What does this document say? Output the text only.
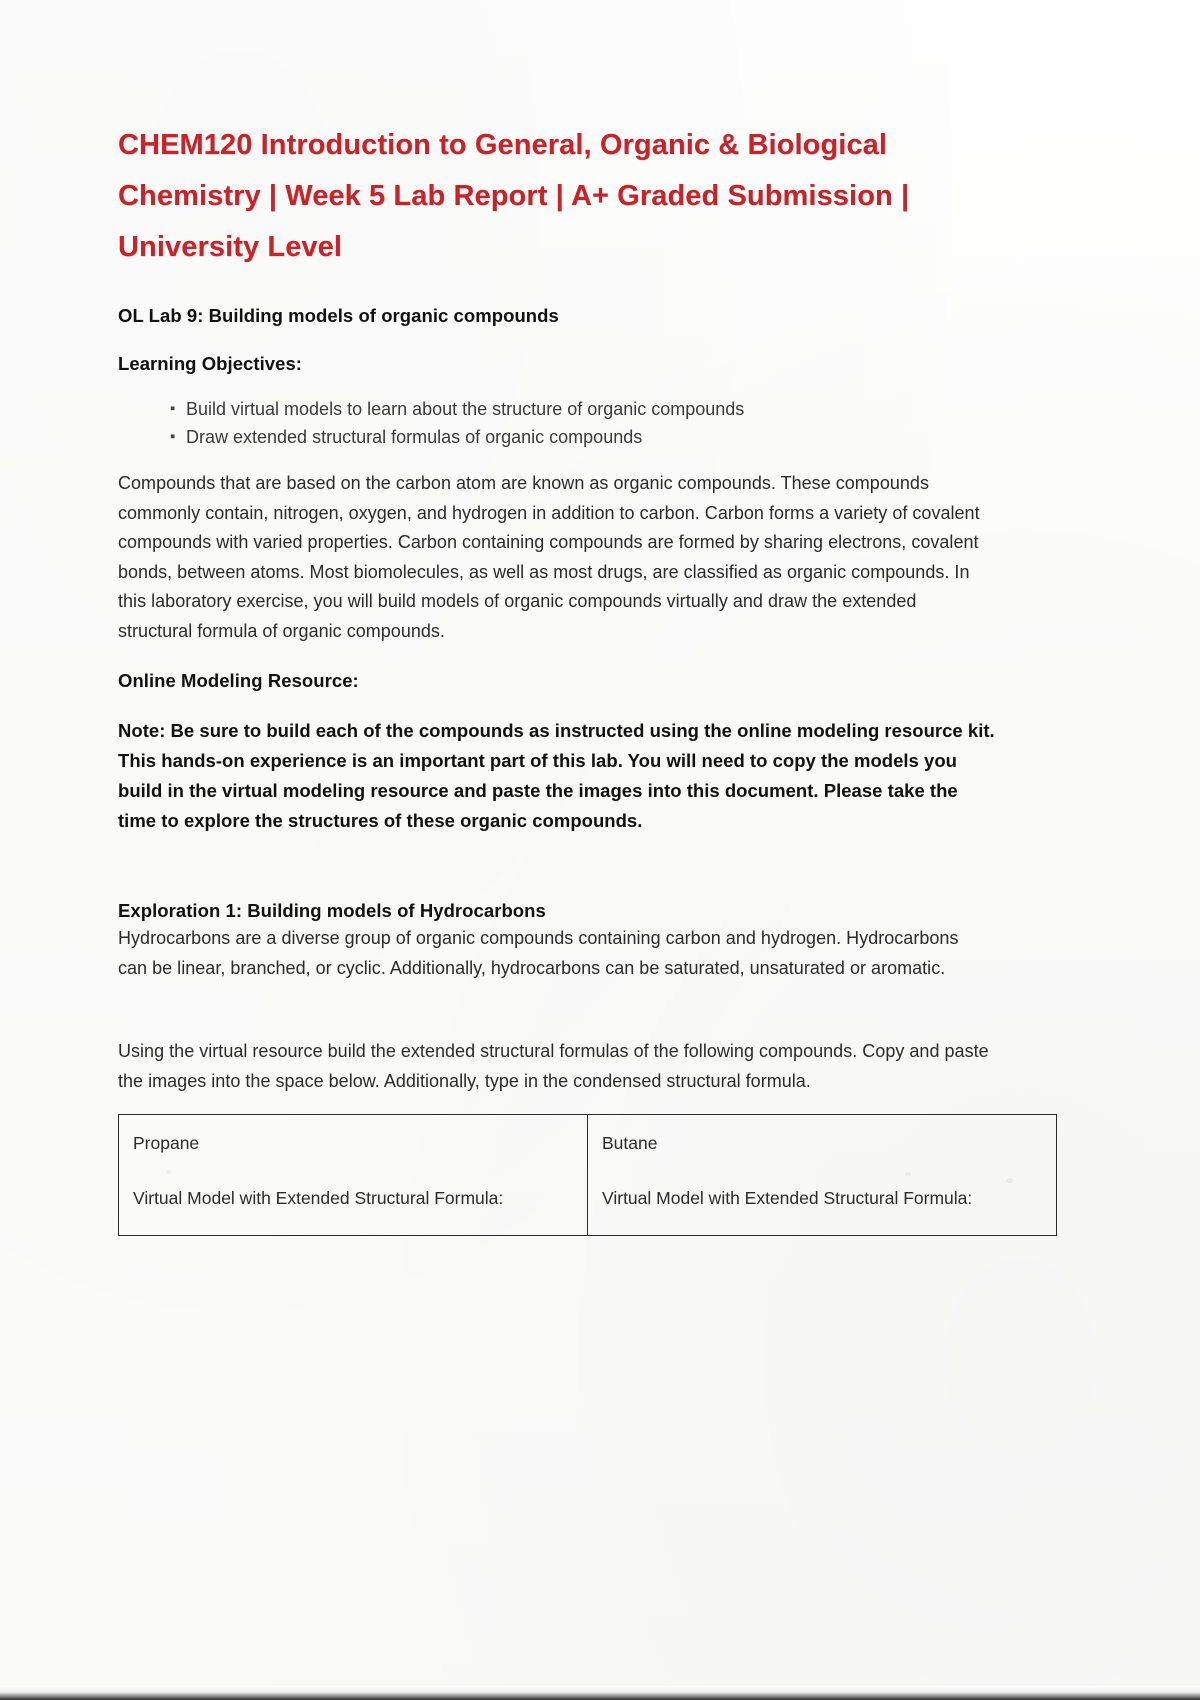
CHEM120 Introduction to General, Organic & Biological
Chemistry | Week 5 Lab Report | A+ Graded Submission |
University Level
OL Lab 9: Building models of organic compounds
Learning Objectives:
▪ Build virtual models to learn about the structure of organic compounds
▪ Draw extended structural formulas of organic compounds

Compounds that are based on the carbon atom are known as organic compounds. These compounds commonly contain, nitrogen, oxygen, and hydrogen in addition to carbon. Carbon forms a variety of covalent compounds with varied properties. Carbon containing compounds are formed by sharing electrons, covalent bonds, between atoms. Most biomolecules, as well as most drugs, are classified as organic compounds. In this laboratory exercise, you will build models of organic compounds virtually and draw the extended structural formula of organic compounds.

Online Modeling Resource:

Note: Be sure to build each of the compounds as instructed using the online modeling resource kit. This hands-on experience is an important part of this lab. You will need to copy the models you build in the virtual modeling resource and paste the images into this document. Please take the time to explore the structures of these organic compounds.

Exploration 1: Building models of Hydrocarbons

Hydrocarbons are a diverse group of organic compounds containing carbon and hydrogen. Hydrocarbons can be linear, branched, or cyclic. Additionally, hydrocarbons can be saturated, unsaturated or aromatic.

Using the virtual resource build the extended structural formulas of the following compounds. Copy and paste the images into the space below. Additionally, type in the condensed structural formula.

Propane
Virtual Model with Extended Structural Formula:

Butane
Virtual Model with Extended Structural Formula:
